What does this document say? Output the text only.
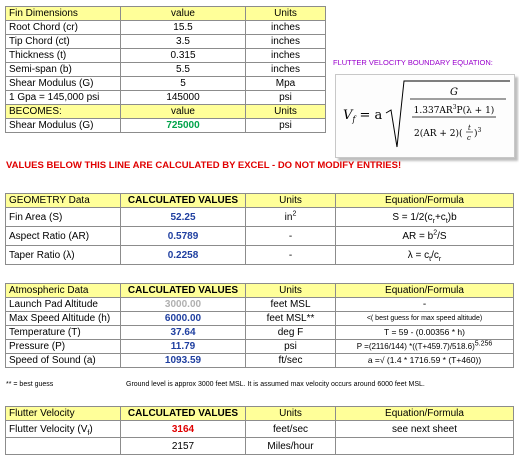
Fin Dimensions	value	Units
Root Chord (cr)	15.5	inches
Tip Chord (ct)	3.5	inches
Thickness (t)	0.315	inches
Semi-span (b)	5.5	inches
Shear Modulus (G)	5	Mpa
1 Gpa = 145,000 psi	145000	psi
BECOMES:	value	Units
Shear Modulus (G)	725000	psi
FLUTTER VELOCITY BOUNDARY EQUATION:
$V_f = a$
G
$1.337AR^3P(\lambda + 1)$
2(AR + 2)(
t
c )$^3$
VALUES BELOW THIS LINE ARE CALCULATED BY EXCEL - DO NOT MODIFY ENTRIES!
GEOMETRY Data	CALCULATED VALUES	Units	Equation/Formula
Fin Area (S)	52.25	$in^2$	$S = 1/2(c_r+c_t)b$
Aspect Ratio (AR)	0.5789	-	AR = $b^2/S$
Taper Ratio (λ)	0.2258	-	$\lambda = c_t/c_r$
Atmospheric Data	CALCULATED VALUES	Units	Equation/Formula
Launch Pad Altitude	3000.00	feet MSL	-
Max Speed Altitude (h)	6000.00	feet MSL**	<( best guess for max speed altitude)
Temperature (T)	37.64	deg F	T = 59 - (0.00356 * h)
Pressure (P)	11.79	psi	P =(2116/144) $*((T+459.7)/518.6)^{5.256}$
Speed of Sound (a)	1093.59	ft/sec	a =√ (1.4 * 1716.59 * (T+460))
** = best guess	Ground level is approx 3000 feet MSL. It is assumed max velocity occurs around 6000 feet MSL.
Flutter Velocity	CALCULATED VALUES	Units	Equation/Formula
Flutter Velocity $(V_f)$	3164	feet/sec	see next sheet
	2157	Miles/hour	
